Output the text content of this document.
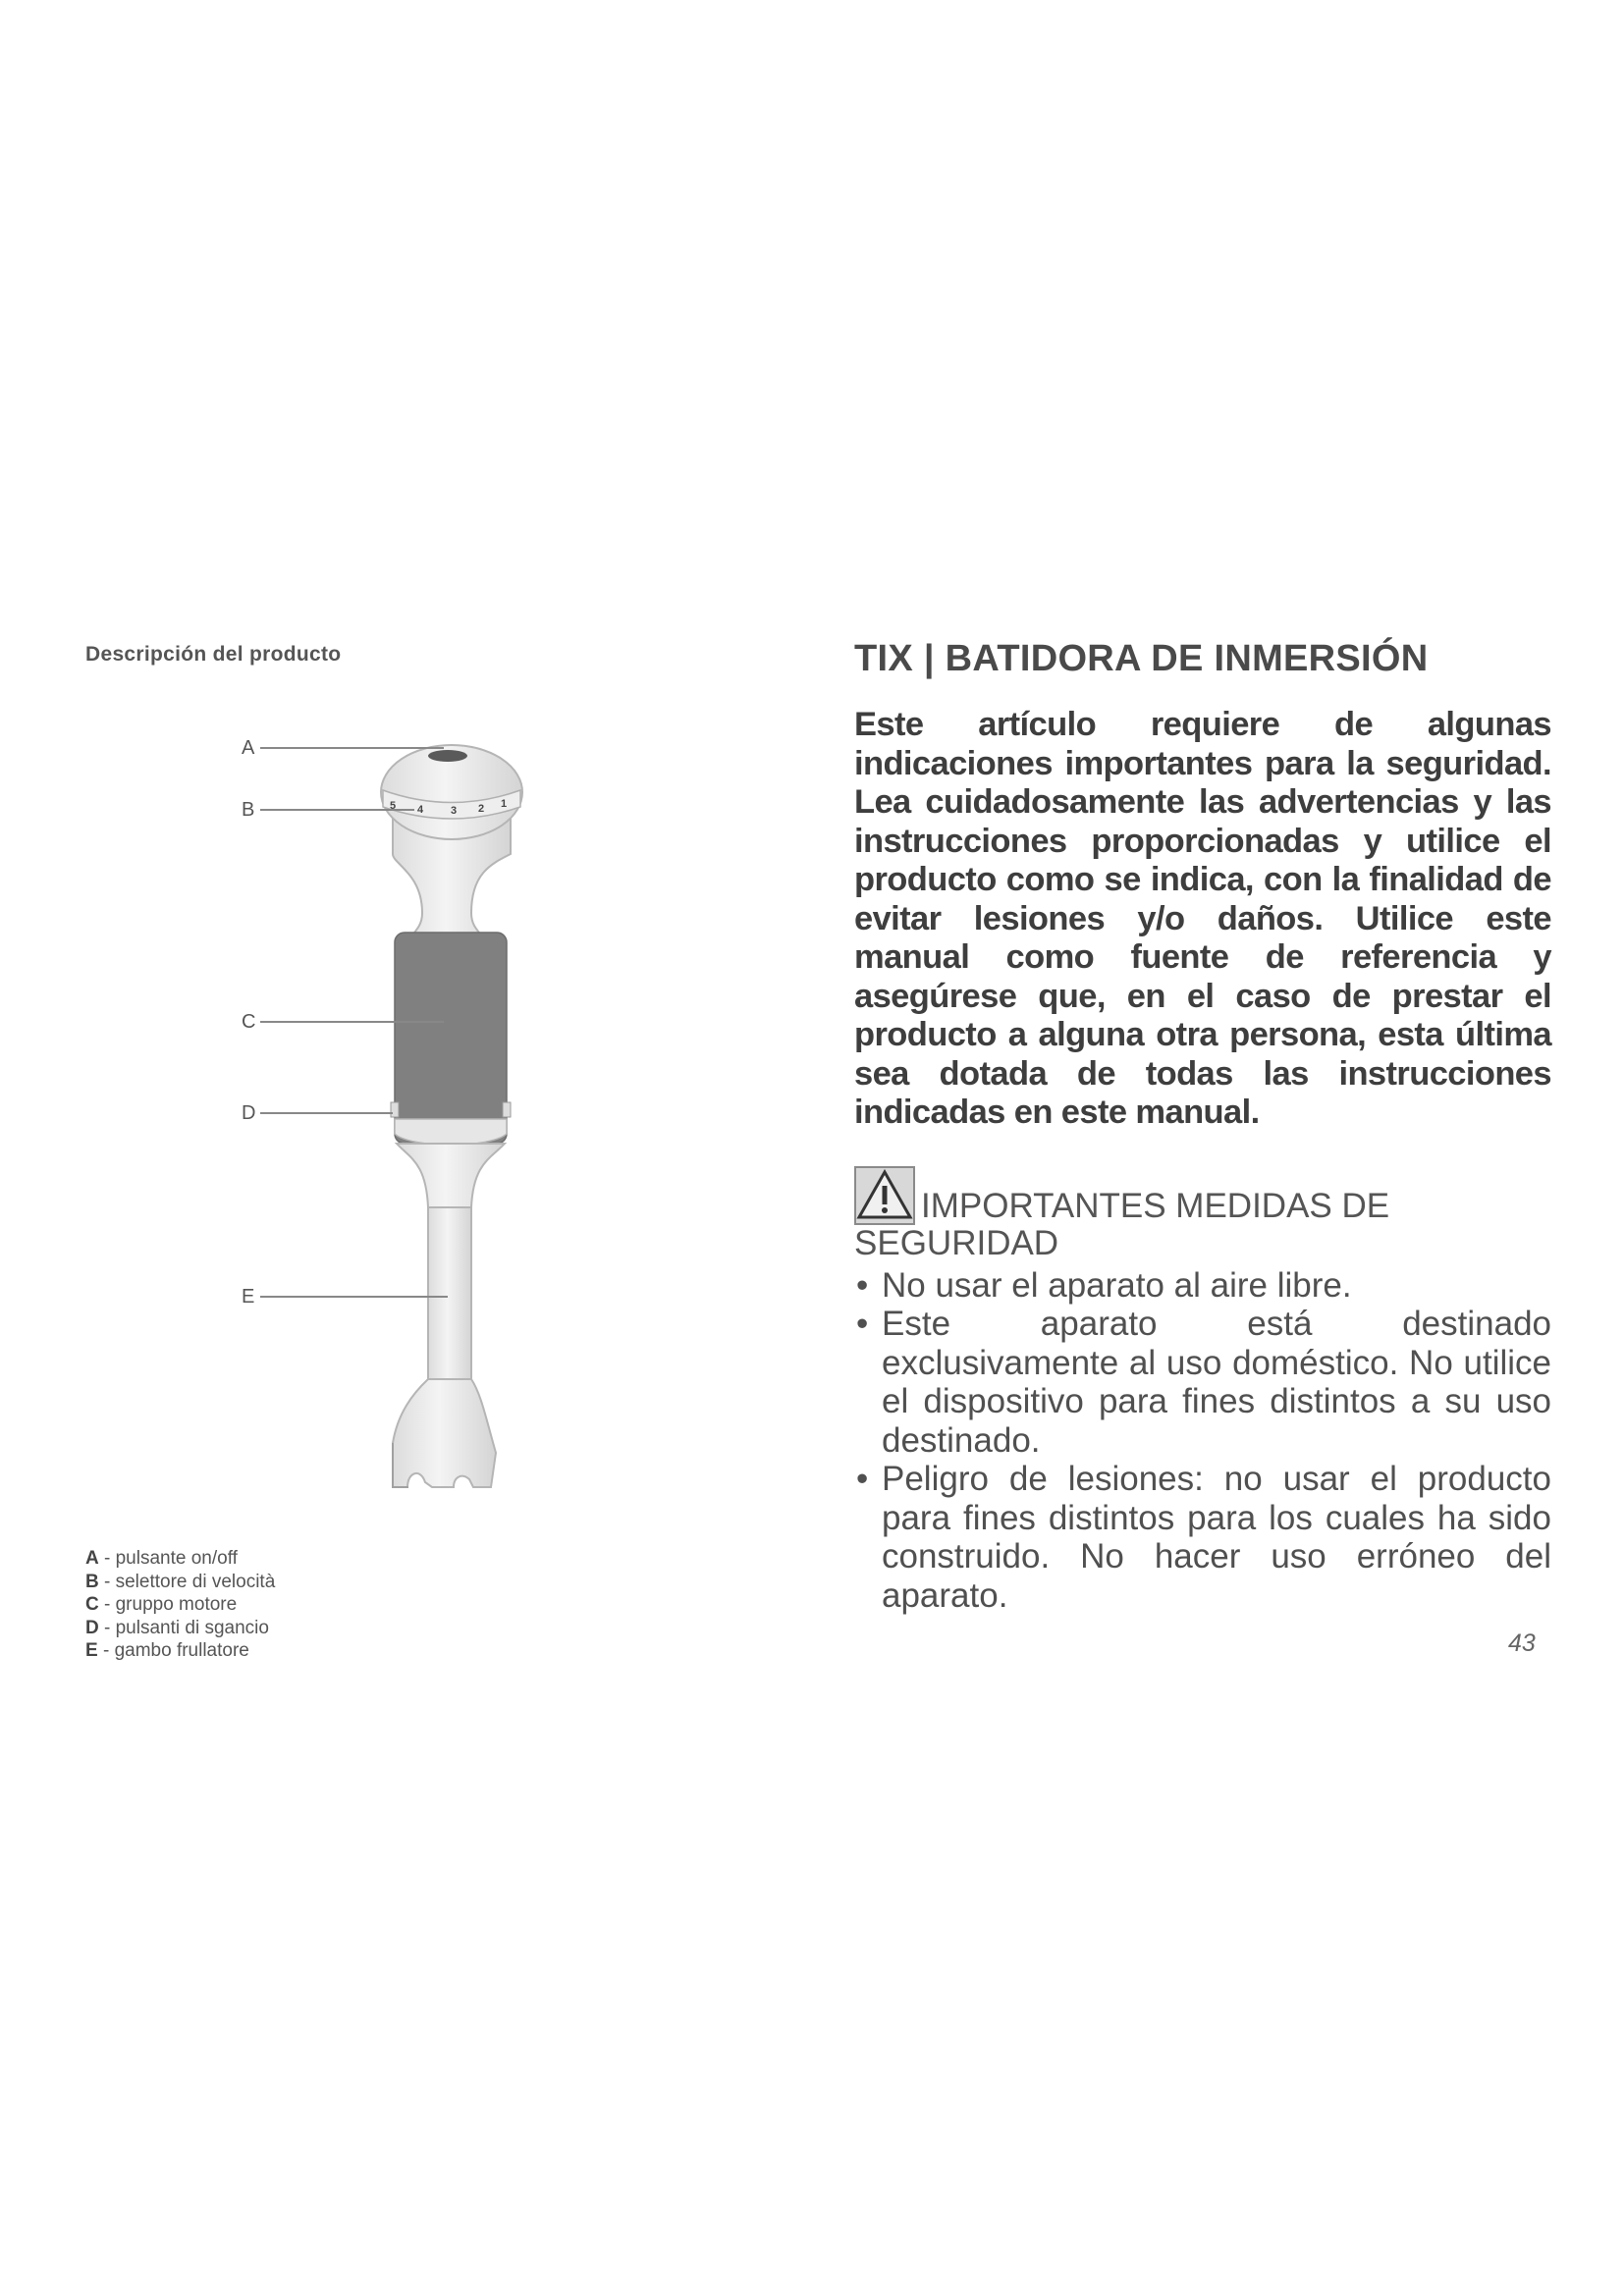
Descripción del producto
5 4	3 2 1
A
B
C
D
E
A - pulsante on/off
B - selettore di velocità
C - gruppo motore
D - pulsanti di sgancio
E - gambo frullatore
TIX | BATIDORA DE INMERSIÓN

Este artículo requiere de algunas indicaciones importantes para la seguridad. Lea cuidadosamente las advertencias y las instrucciones proporcionadas y utilice el producto como se indica, con la finalidad de evitar lesiones y/o daños. Utilice este manual como fuente de referencia y asegúrese que, en el caso de prestar el producto a alguna otra persona, esta última sea dotada de todas las instrucciones indicadas en este manual.

IMPORTANTES MEDIDAS DE SEGURIDAD
• No usar el aparato al aire libre.
• Este aparato está destinado exclusivamente al uso doméstico. No utilice el dispositivo para fines distintos a su uso destinado.
• Peligro de lesiones: no usar el producto para fines distintos para los cuales ha sido construido. No hacer uso erróneo del aparato.
43
